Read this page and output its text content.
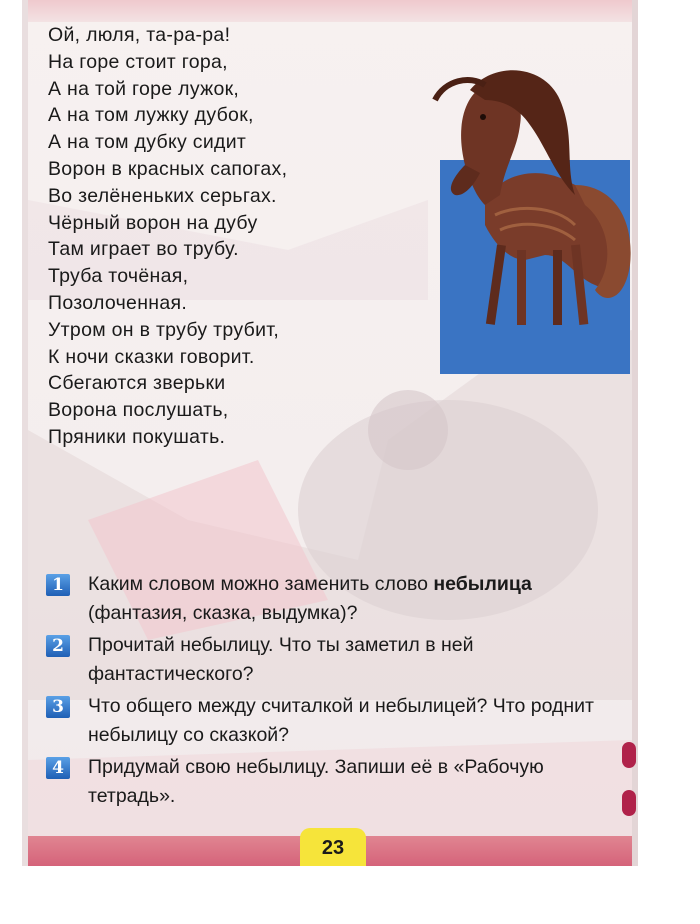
Ой, люля, та-ра-ра!
На горе стоит гора,
А на той горе лужок,
А на том лужку дубок,
А на том дубку сидит
Ворон в красных сапогах,
Во зелёненьких серьгах.
Чёрный ворон на дубу
Там играет во трубу.
Труба точёная,
Позолоченная.
Утром он в трубу трубит,
К ночи сказки говорит.
Сбегаются зверьки
Ворона послушать,
Пряники покушать.
1	Каким словом можно заменить слово небылица (фантазия, сказка, выдумка)?
2	Прочитай небылицу. Что ты заметил в ней фантастического?
3	Что общего между считалкой и небылицей? Что роднит небылицу со сказкой?
4	Придумай свою небылицу. Запиши её в «Рабочую тетрадь».
23
